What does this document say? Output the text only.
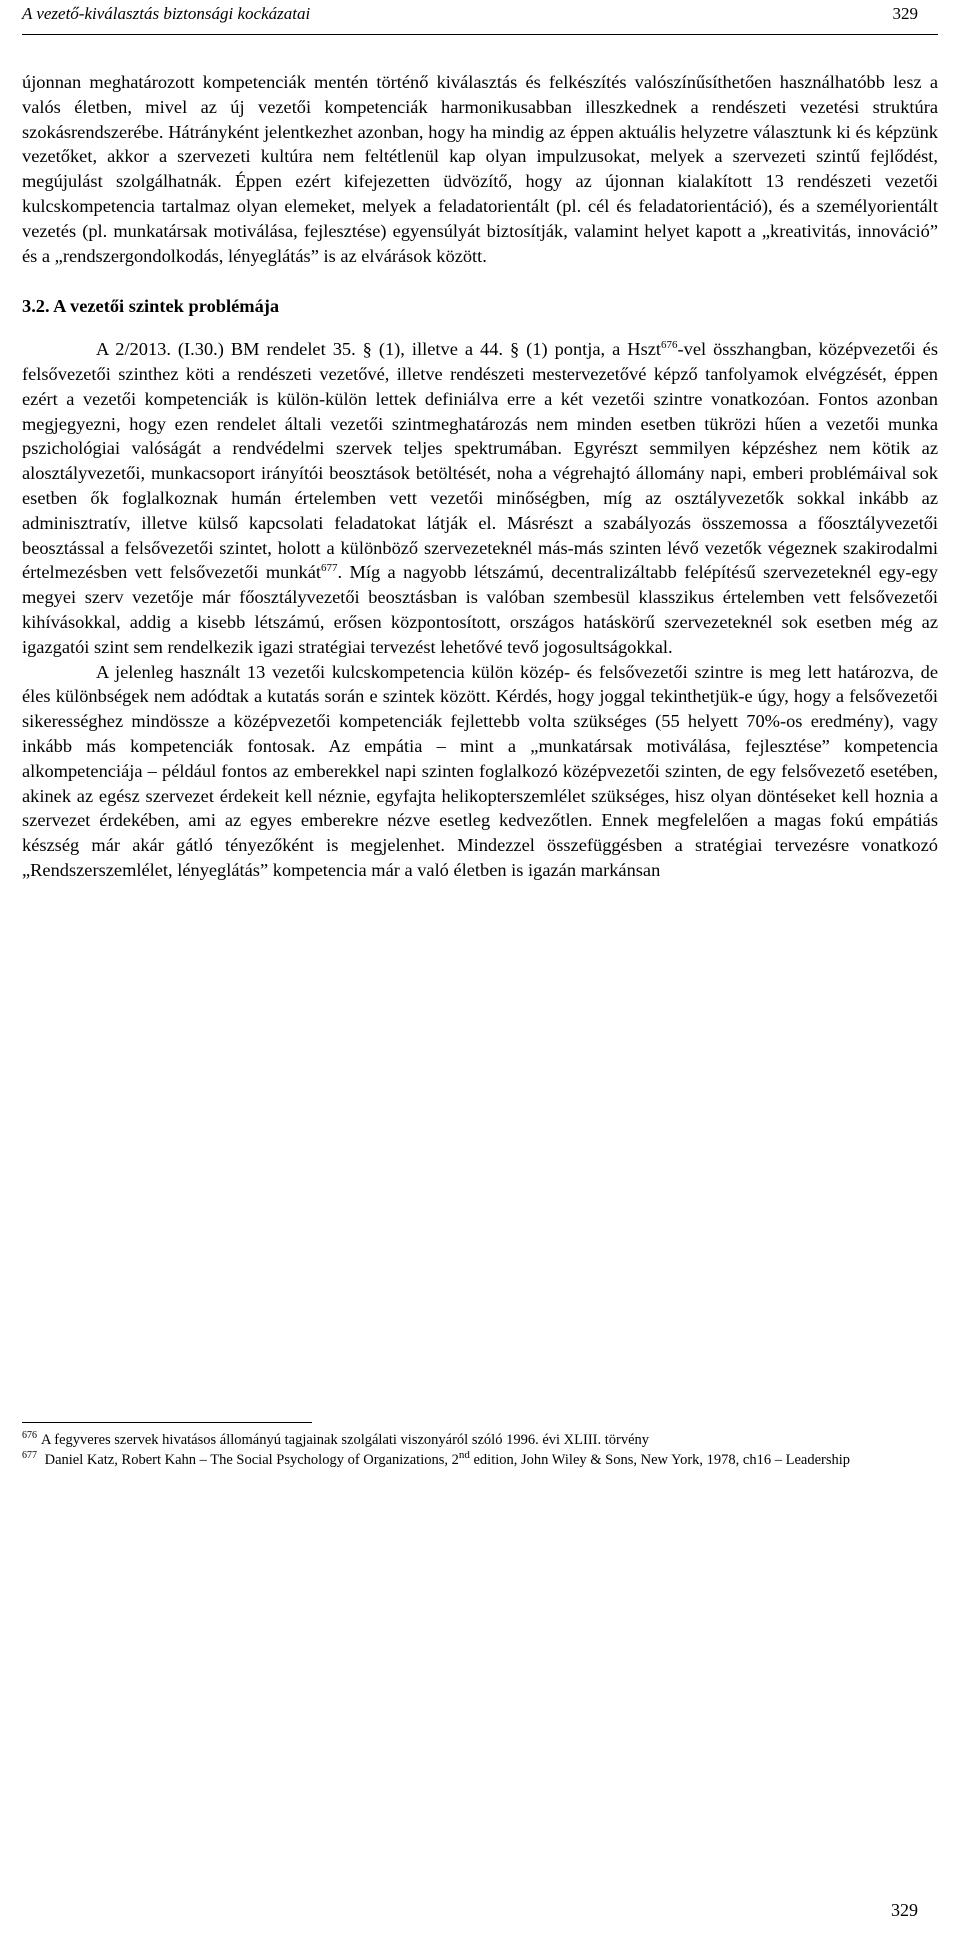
A vezető-kiválasztás biztonsági kockázatai	329

újonnan meghatározott kompetenciák mentén történő kiválasztás és felkészítés valószínűsíthetően használhatóbb lesz a valós életben, mivel az új vezetői kompetenciák harmonikusabban illeszkednek a rendészeti vezetési struktúra szokásrendszerébe. Hátrányként jelentkezhet azonban, hogy ha mindig az éppen aktuális helyzetre választunk ki és képzünk vezetőket, akkor a szervezeti kultúra nem feltétlenül kap olyan impulzusokat, melyek a szervezeti szintű fejlődést, megújulást szolgálhatnák. Éppen ezért kifejezetten üdvözítő, hogy az újonnan kialakított 13 rendészeti vezetői kulcskompetencia tartalmaz olyan elemeket, melyek a feladatorientált (pl. cél és feladatorientáció), és a személyorientált vezetés (pl. munkatársak motiválása, fejlesztése) egyensúlyát biztosítják, valamint helyet kapott a „kreativitás, innováció” és a „rendszergondolkodás, lényeglátás” is az elvárások között.

3.2. A vezetői szintek problémája

A 2/2013. (I.30.) BM rendelet 35. § (1), illetve a 44. § (1) pontja, a Hszt$^{676}$-vel összhangban, középvezetői és felsővezetői szinthez köti a rendészeti vezetővé, illetve rendészeti mestervezetővé képző tanfolyamok elvégzését, éppen ezért a vezetői kompetenciák is külön-külön lettek definiálva erre a két vezetői szintre vonatkozóan. Fontos azonban megjegyezni, hogy ezen rendelet általi vezetői szintmeghatározás nem minden esetben tükrözi hűen a vezetői munka pszichológiai valóságát a rendvédelmi szervek teljes spektrumában. Egyrészt semmilyen képzéshez nem kötik az alosztályvezetői, munkacsoport irányítói beosztások betöltését, noha a végrehajtó állomány napi, emberi problémáival sok esetben ők foglalkoznak humán értelemben vett vezetői minőségben, míg az osztályvezetők sokkal inkább az adminisztratív, illetve külső kapcsolati feladatokat látják el. Másrészt a szabályozás összemossa a főosztályvezetői beosztással a felsővezetői szintet, holott a különböző szervezeteknél más-más szinten lévő vezetők végeznek szakirodalmi értelmezésben vett felsővezetői munkát$^{677}$. Míg a nagyobb létszámú, decentralizáltabb felépítésű szervezeteknél egy-egy megyei szerv vezetője már főosztályvezetői beosztásban is valóban szembesül klasszikus értelemben vett felsővezetői kihívásokkal, addig a kisebb létszámú, erősen központosított, országos hatáskörű szervezeteknél sok esetben még az igazgatói szint sem rendelkezik igazi stratégiai tervezést lehetővé tevő jogosultságokkal.

A jelenleg használt 13 vezetői kulcskompetencia külön közép- és felsővezetői szintre is meg lett határozva, de éles különbségek nem adódtak a kutatás során e szintek között. Kérdés, hogy joggal tekinthetjük-e úgy, hogy a felsővezetői sikerességhez mindössze a középvezetői kompetenciák fejlettebb volta szükséges (55 helyett 70%-os eredmény), vagy inkább más kompetenciák fontosak. Az empátia – mint a „munkatársak motiválása, fejlesztése” kompetencia alkompetenciája – például fontos az emberekkel napi szinten foglalkozó középvezetői szinten, de egy felsővezető esetében, akinek az egész szervezet érdekeit kell néznie, egyfajta helikopterszemlélet szükséges, hisz olyan döntéseket kell hoznia a szervezet érdekében, ami az egyes emberekre nézve esetleg kedvezőtlen. Ennek megfelelően a magas fokú empátiás készség már akár gátló tényezőként is megjelenhet. Mindezzel összefüggésben a stratégiai tervezésre vonatkozó „Rendszerszemlélet, lényeglátás” kompetencia már a való életben is igazán markánsan

$^{676}$ A fegyveres szervek hivatásos állományú tagjainak szolgálati viszonyáról szóló 1996. évi XLIII. törvény

$^{677}$ Daniel Katz, Robert Kahn – The Social Psychology of Organizations, 2nd edition, John Wiley & Sons, New York, 1978, ch16 – Leadership

329
